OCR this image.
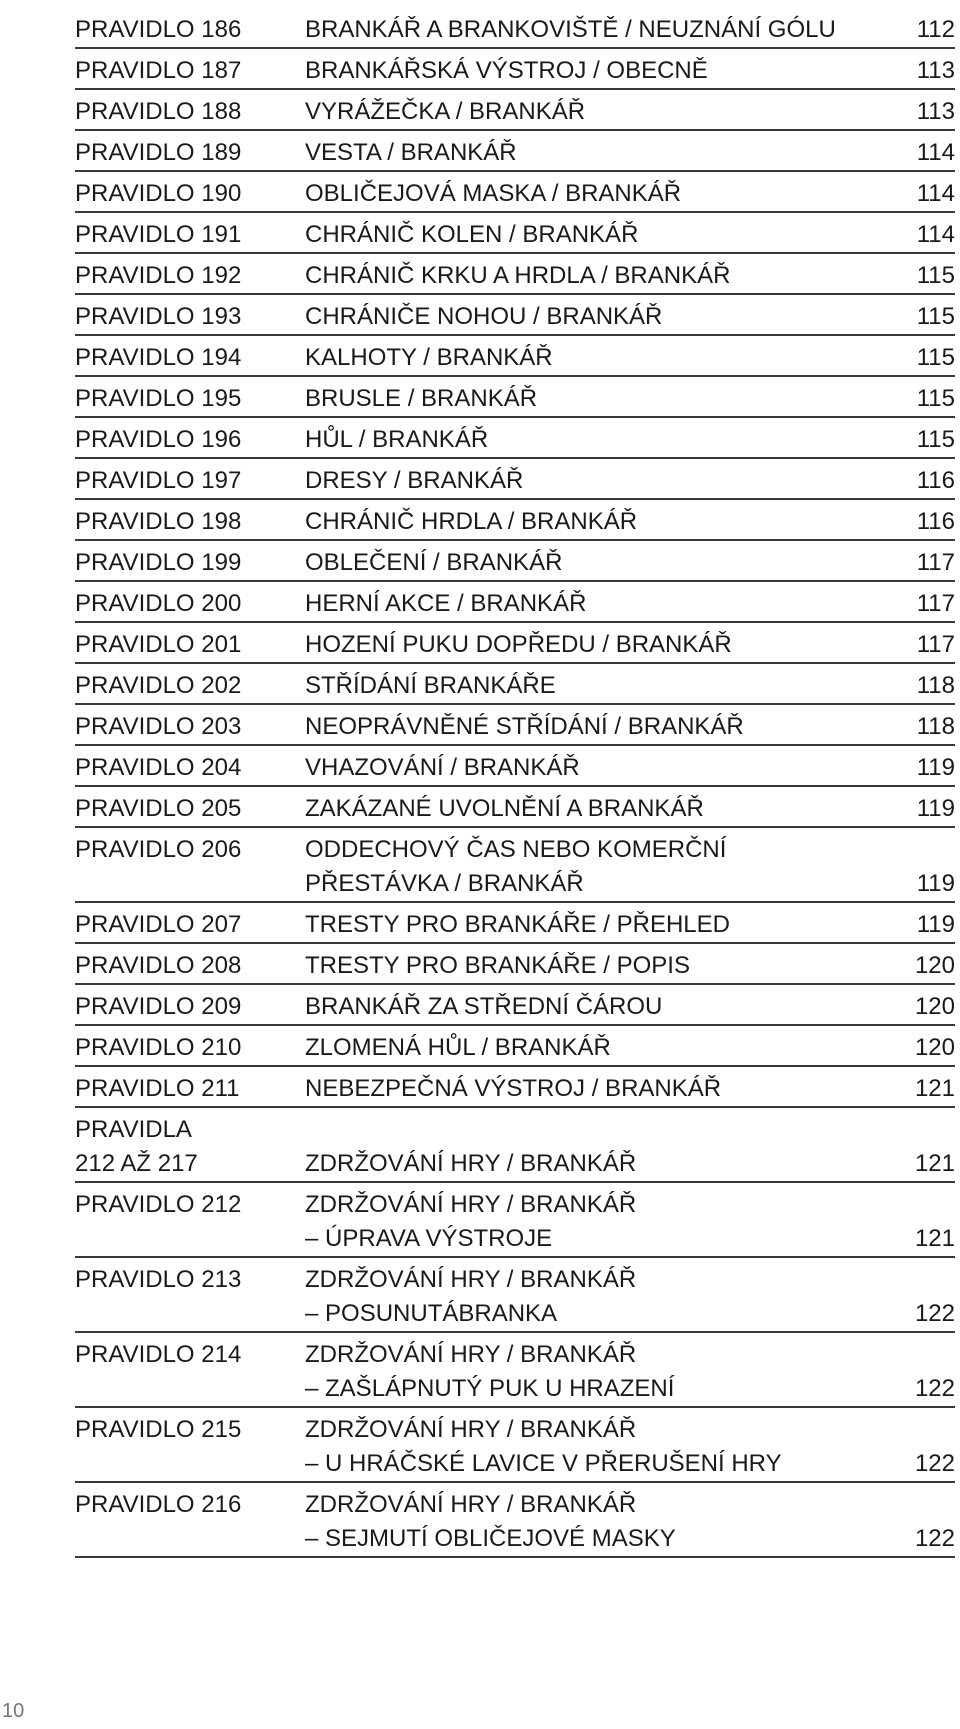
PRAVIDLO 186	BRANKÁŘ A BRANKOVIŠTĚ / NEUZNÁNÍ GÓLU	112
PRAVIDLO 187	BRANKÁŘSKÁ VÝSTROJ / OBECNĚ	113
PRAVIDLO 188	VYRÁŽEČKA / BRANKÁŘ	113
PRAVIDLO 189	VESTA / BRANKÁŘ	114
PRAVIDLO 190	OBLIČEJOVÁ MASKA / BRANKÁŘ	114
PRAVIDLO 191	CHRÁNIČ KOLEN / BRANKÁŘ	114
PRAVIDLO 192	CHRÁNIČ KRKU A HRDLA / BRANKÁŘ	115
PRAVIDLO 193	CHRÁNIČE NOHOU / BRANKÁŘ	115
PRAVIDLO 194	KALHOTY / BRANKÁŘ	115
PRAVIDLO 195	BRUSLE / BRANKÁŘ	115
PRAVIDLO 196	HŮL / BRANKÁŘ	115
PRAVIDLO 197	DRESY / BRANKÁŘ	116
PRAVIDLO 198	CHRÁNIČ HRDLA / BRANKÁŘ	116
PRAVIDLO 199	OBLEČENÍ / BRANKÁŘ	117
PRAVIDLO 200	HERNÍ AKCE / BRANKÁŘ	117
PRAVIDLO 201	HOZENÍ PUKU DOPŘEDU / BRANKÁŘ	117
PRAVIDLO 202	STŘÍDÁNÍ BRANKÁŘE	118
PRAVIDLO 203	NEOPRÁVNĚNÉ STŘÍDÁNÍ / BRANKÁŘ	118
PRAVIDLO 204	VHAZOVÁNÍ / BRANKÁŘ	119
PRAVIDLO 205	ZAKÁZANÉ UVOLNĚNÍ A BRANKÁŘ	119
PRAVIDLO 206	ODDECHOVÝ ČAS NEBO KOMERČNÍ
PŘESTÁVKA / BRANKÁŘ	119
PRAVIDLO 207	TRESTY PRO BRANKÁŘE / PŘEHLED	119
PRAVIDLO 208	TRESTY PRO BRANKÁŘE / POPIS	120
PRAVIDLO 209	BRANKÁŘ ZA STŘEDNÍ ČÁROU	120
PRAVIDLO 210	ZLOMENÁ HŮL / BRANKÁŘ	120
PRAVIDLO 211	NEBEZPEČNÁ VÝSTROJ / BRANKÁŘ	121
PRAVIDLA
212 AŽ 217	ZDRŽOVÁNÍ HRY / BRANKÁŘ	121
PRAVIDLO 212	ZDRŽOVÁNÍ HRY / BRANKÁŘ
– ÚPRAVA VÝSTROJE	121
PRAVIDLO 213	ZDRŽOVÁNÍ HRY / BRANKÁŘ
– POSUNUTÁBRANKA	122
PRAVIDLO 214	ZDRŽOVÁNÍ HRY / BRANKÁŘ
– ZAŠLÁPNUTÝ PUK U HRAZENÍ	122
PRAVIDLO 215	ZDRŽOVÁNÍ HRY / BRANKÁŘ
– U HRÁČSKÉ LAVICE V PŘERUŠENÍ HRY	122
PRAVIDLO 216	ZDRŽOVÁNÍ HRY / BRANKÁŘ
– SEJMUTÍ OBLIČEJOVÉ MASKY	122
10
